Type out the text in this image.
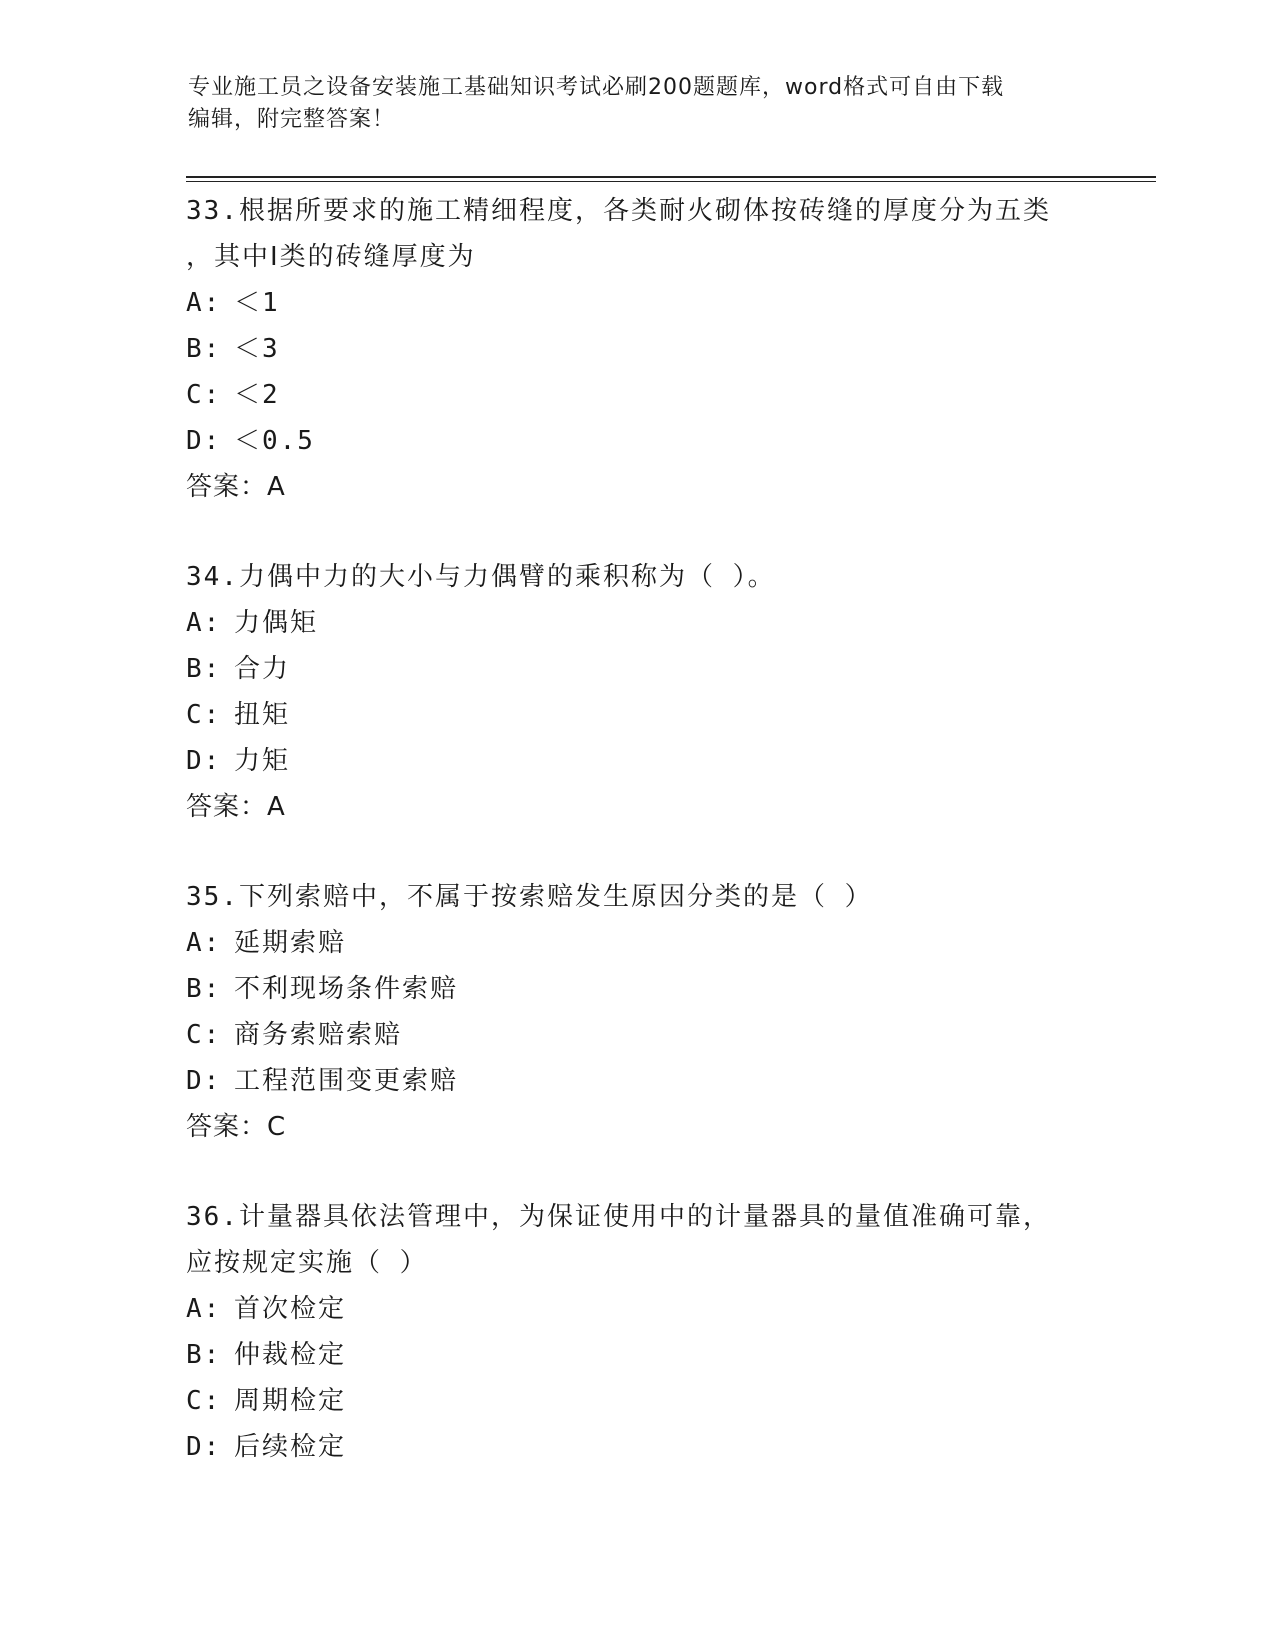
专业施工员之设备安装施工基础知识考试必刷200题题库，word格式可自由下载
编辑，附完整答案！
33.根据所要求的施工精细程度，各类耐火砌体按砖缝的厚度分为五类
，其中Ⅰ类的砖缝厚度为
A: ＜1
B: ＜3
C: ＜2
D: ＜0.5
答案：A
34.力偶中力的大小与力偶臂的乘积称为（ ）。
A: 力偶矩
B: 合力
C: 扭矩
D: 力矩
答案：A
35.下列索赔中，不属于按索赔发生原因分类的是（ ）
A: 延期索赔
B: 不利现场条件索赔
C: 商务索赔索赔
D: 工程范围变更索赔
答案：C
36.计量器具依法管理中，为保证使用中的计量器具的量值准确可靠，
应按规定实施（ ）
A: 首次检定
B: 仲裁检定
C: 周期检定
D: 后续检定
